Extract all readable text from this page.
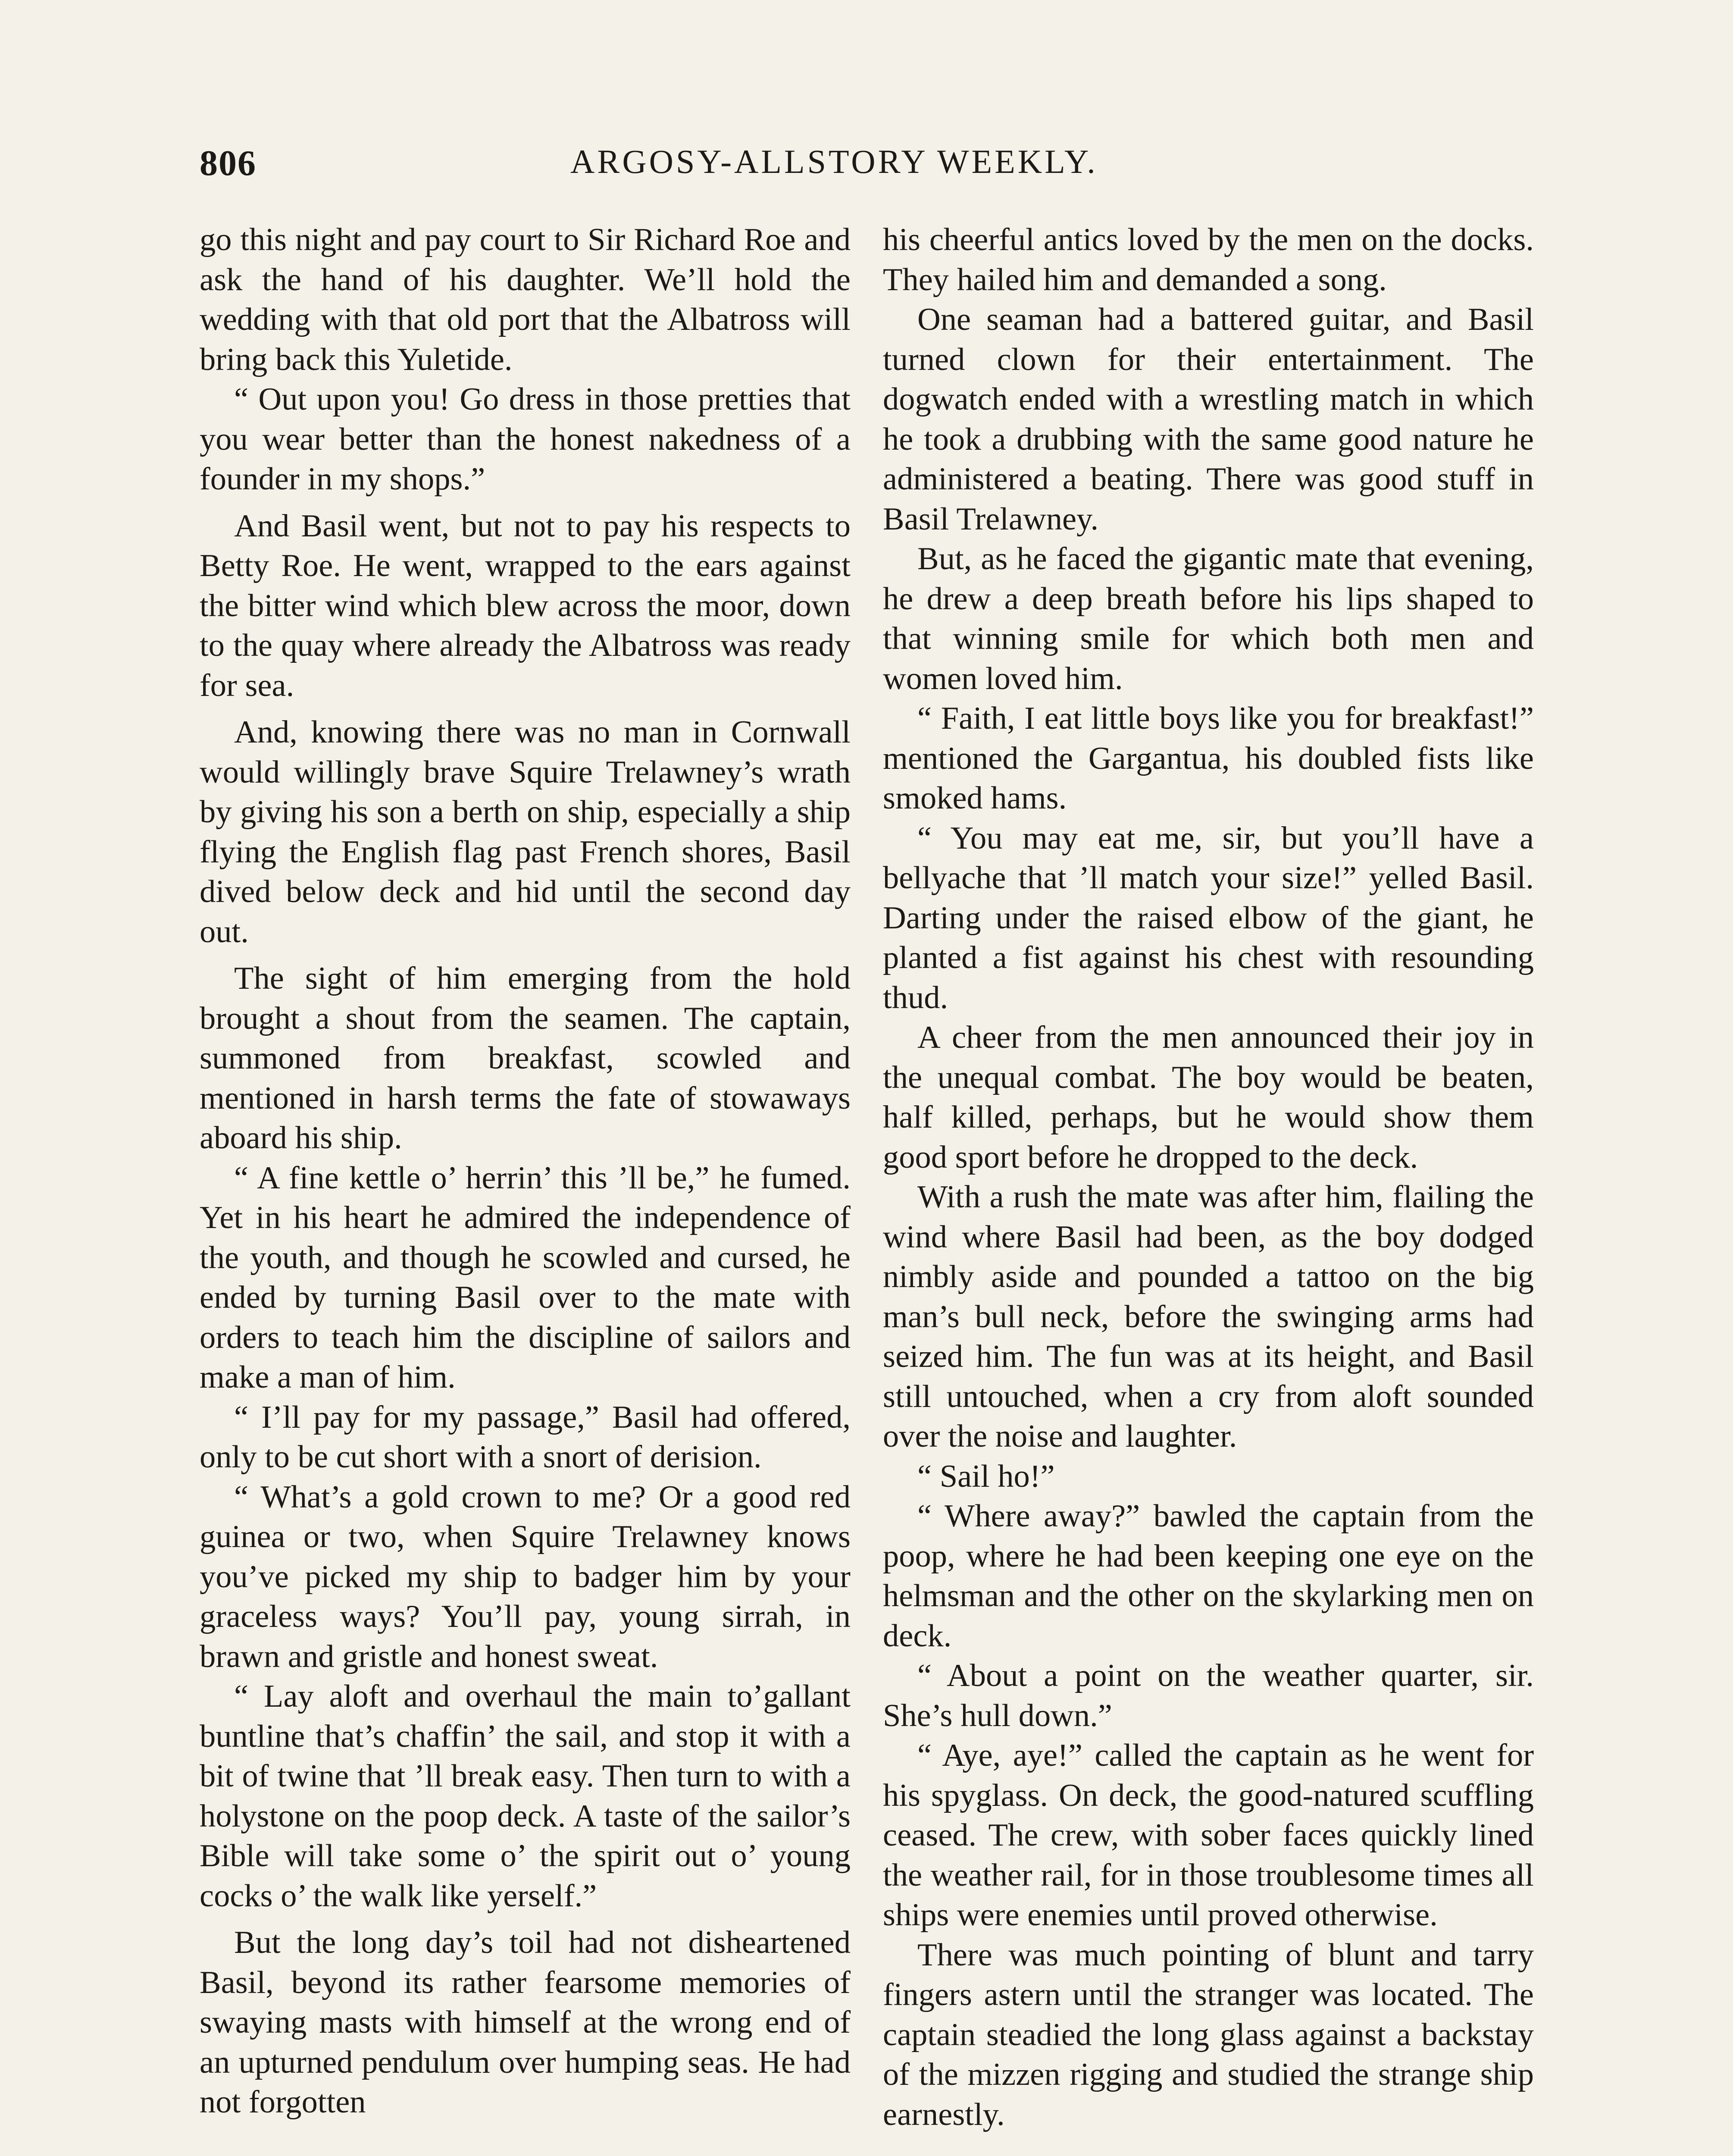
806	ARGOSY-ALLSTORY WEEKLY.

go this night and pay court to Sir Richard Roe and ask the hand of his daughter. We’ll hold the wedding with that old port that the Albatross will bring back this Yuletide.

“ Out upon you! Go dress in those pretties that you wear better than the honest nakedness of a founder in my shops.”

And Basil went, but not to pay his respects to Betty Roe. He went, wrapped to the ears against the bitter wind which blew across the moor, down to the quay where already the Albatross was ready for sea.

And, knowing there was no man in Cornwall would willingly brave Squire Trelawney’s wrath by giving his son a berth on ship, especially a ship flying the English flag past French shores, Basil dived below deck and hid until the second day out.

The sight of him emerging from the hold brought a shout from the seamen. The captain, summoned from breakfast, scowled and mentioned in harsh terms the fate of stowaways aboard his ship.

“ A fine kettle o’ herrin’ this ’ll be,” he fumed. Yet in his heart he admired the independence of the youth, and though he scowled and cursed, he ended by turning Basil over to the mate with orders to teach him the discipline of sailors and make a man of him.

“ I’ll pay for my passage,” Basil had offered, only to be cut short with a snort of derision.

“ What’s a gold crown to me? Or a good red guinea or two, when Squire Trelawney knows you’ve picked my ship to badger him by your graceless ways? You’ll pay, young sirrah, in brawn and gristle and honest sweat.

“ Lay aloft and overhaul the main to’gallant buntline that’s chaffin’ the sail, and stop it with a bit of twine that ’ll break easy. Then turn to with a holystone on the poop deck. A taste of the sailor’s Bible will take some o’ the spirit out o’ young cocks o’ the walk like yerself.”

But the long day’s toil had not disheartened Basil, beyond its rather fearsome memories of swaying masts with himself at the wrong end of an upturned pendulum over humping seas. He had not forgotten

his cheerful antics loved by the men on the docks. They hailed him and demanded a song.

One seaman had a battered guitar, and Basil turned clown for their entertainment. The dogwatch ended with a wrestling match in which he took a drubbing with the same good nature he administered a beating. There was good stuff in Basil Trelawney.

But, as he faced the gigantic mate that evening, he drew a deep breath before his lips shaped to that winning smile for which both men and women loved him.

“ Faith, I eat little boys like you for breakfast!” mentioned the Gargantua, his doubled fists like smoked hams.

“ You may eat me, sir, but you’ll have a bellyache that ’ll match your size!” yelled Basil. Darting under the raised elbow of the giant, he planted a fist against his chest with resounding thud.

A cheer from the men announced their joy in the unequal combat. The boy would be beaten, half killed, perhaps, but he would show them good sport before he dropped to the deck.

With a rush the mate was after him, flailing the wind where Basil had been, as the boy dodged nimbly aside and pounded a tattoo on the big man’s bull neck, before the swinging arms had seized him. The fun was at its height, and Basil still untouched, when a cry from aloft sounded over the noise and laughter.

“ Sail ho!”

“ Where away?” bawled the captain from the poop, where he had been keeping one eye on the helmsman and the other on the skylarking men on deck.

“ About a point on the weather quarter, sir. She’s hull down.”

“ Aye, aye!” called the captain as he went for his spyglass. On deck, the good-natured scuffling ceased. The crew, with sober faces quickly lined the weather rail, for in those troublesome times all ships were enemies until proved otherwise.

There was much pointing of blunt and tarry fingers astern until the stranger was located. The captain steadied the long glass against a backstay of the mizzen rigging and studied the strange ship earnestly.
